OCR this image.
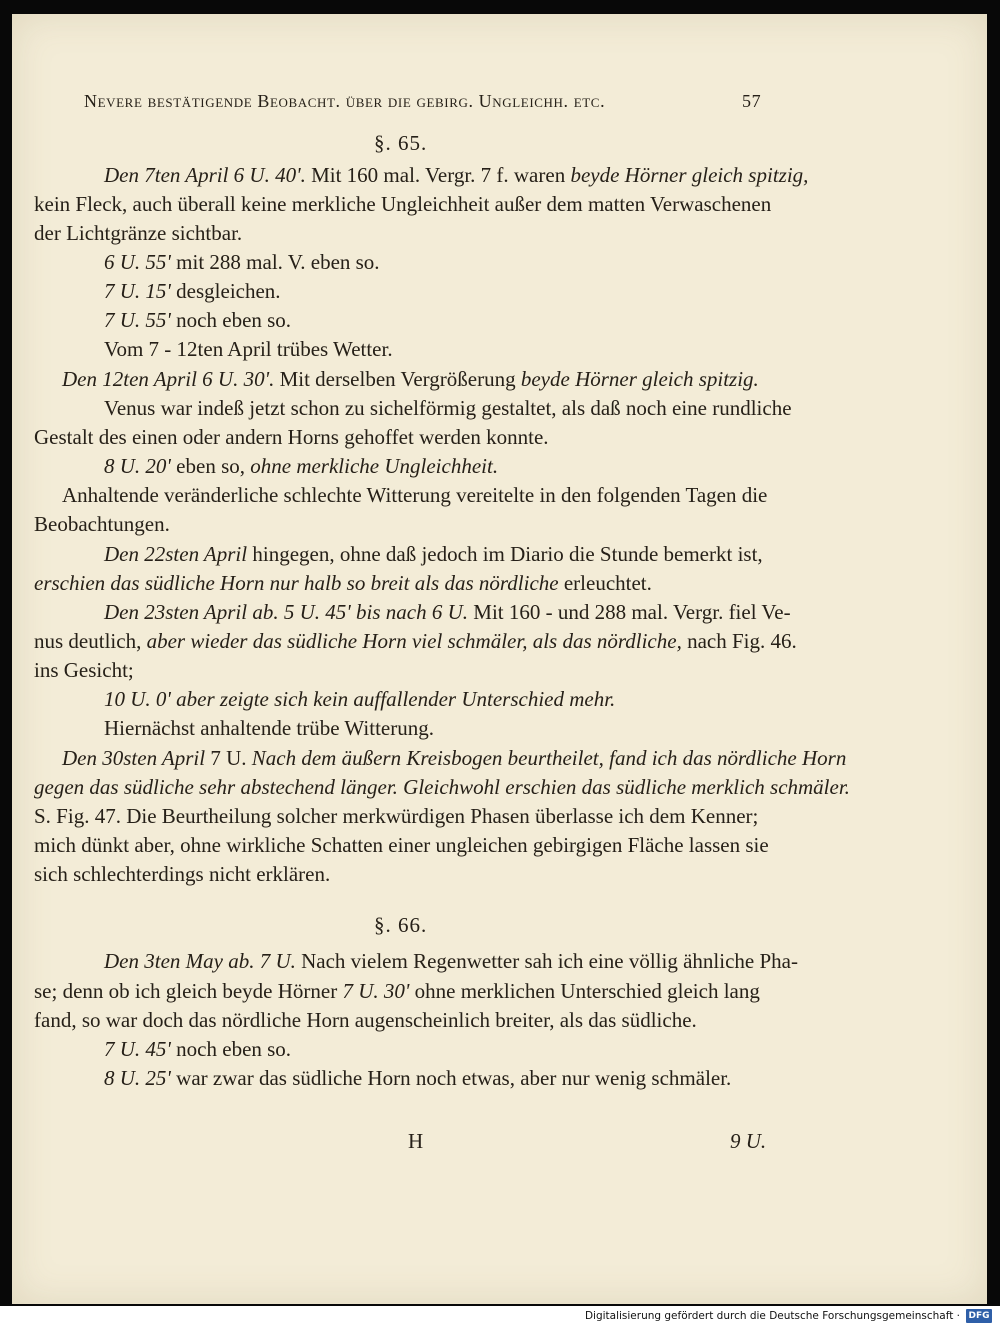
Nevere bestätigende Beobacht. über die gebirg. Ungleichh. etc.	57
§. 65.
Den 7ten April 6 U. 40'. Mit 160 mal. Vergr. 7 f. waren beyde Hörner gleich spitzig,
kein Fleck, auch überall keine merkliche Ungleichheit außer dem matten Verwaschenen
der Lichtgränze sichtbar.
6 U. 55' mit 288 mal. V. eben so.
7 U. 15' desgleichen.
7 U. 55' noch eben so.
Vom 7 - 12ten April trübes Wetter.
Den 12ten April 6 U. 30'. Mit derselben Vergrößerung beyde Hörner gleich spitzig.
Venus war indeß jetzt schon zu sichelförmig gestaltet, als daß noch eine rundliche
Gestalt des einen oder andern Horns gehoffet werden konnte.
8 U. 20' eben so, ohne merkliche Ungleichheit.
Anhaltende veränderliche schlechte Witterung vereitelte in den folgenden Tagen die
Beobachtungen.
Den 22sten April hingegen, ohne daß jedoch im Diario die Stunde bemerkt ist,
erschien das südliche Horn nur halb so breit als das nördliche erleuchtet.
Den 23sten April ab. 5 U. 45' bis nach 6 U. Mit 160 - und 288 mal. Vergr. fiel Ve-
nus deutlich, aber wieder das südliche Horn viel schmäler, als das nördliche, nach Fig. 46.
ins Gesicht;
10 U. 0' aber zeigte sich kein auffallender Unterschied mehr.
Hiernächst anhaltende trübe Witterung.
Den 30sten April 7 U. Nach dem äußern Kreisbogen beurtheilet, fand ich das nördliche Horn
gegen das südliche sehr abstechend länger. Gleichwohl erschien das südliche merklich schmäler.
S. Fig. 47. Die Beurtheilung solcher merkwürdigen Phasen überlasse ich dem Kenner;
mich dünkt aber, ohne wirkliche Schatten einer ungleichen gebirgigen Fläche lassen sie
sich schlechterdings nicht erklären.
§. 66.
Den 3ten May ab. 7 U. Nach vielem Regenwetter sah ich eine völlig ähnliche Pha-
se; denn ob ich gleich beyde Hörner 7 U. 30' ohne merklichen Unterschied gleich lang
fand, so war doch das nördliche Horn augenscheinlich breiter, als das südliche.
7 U. 45' noch eben so.
8 U. 25' war zwar das südliche Horn noch etwas, aber nur wenig schmäler.
H	9 U.
Digitalisierung gefördert durch die Deutsche Forschungsgemeinschaft · DFG
